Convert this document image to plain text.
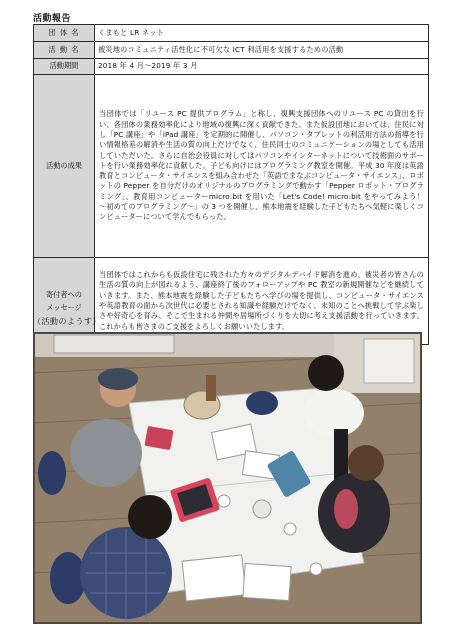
活動報告
団 体 名	くまもと LR ネット
活 動 名	被災地のコミュニティ活性化に不可欠な ICT 利活用を支援するための活動
活動期間	2018 年 4 月～2019 年 3 月
活動の成果	当団体では「リユース PC 提供プログラム」と称し、復興支援団体へのリユース PC の貸出を行い、各団体の業務効率化により地域の復興に深く貢献できた。また仮設団地においては、住民に対し「PC 講座」や「iPad 講座」を定期的に開催し、パソコン・タブレットの利活用方法の指導を行い情報格差の解消や生活の質の向上だけでなく、住民同士のコミュニケーションの場としても活用していただいた。さらに自治会役員に対してはパソコンやインターネットについて技術面のサポートを行い業務効率化に貢献した。子ども向けにはプログラミング教室を開催。平成 30 年度は英語教育とコンピュータ・サイエンスを組み合わせた「英語でまなぶコンピュータ・サイエンス」、ロボットの Pepper を自分だけのオリジナルのプログラミングで動かす「Pepper ロボット・プログラミング」、教育用コンピューターmicro:bit を用いた「Let's Code! micro:bit をやってみよう！ ～初めてのプログラミング～」の 3 つを開催し、熊本地震を経験した子どもたちへ気軽に楽しくコンピューターについて学んでもらった。
寄付者への
メッセージ	当団体ではこれからも仮設住宅に残された方々のデジタルデバイド解消を進め、被災者の皆さんの生活の質の向上が図れるよう、講座終了後のフォローアップや PC 教室の新規開催などを継続していきます。また、熊本地震を経験した子どもたちへ学びの場を提供し、コンピュータ・サイエンスや英語教育の面から次世代に必要とされる知識や経験だけでなく、未知のことへ挑戦して学ぶ楽しさや好奇心を育み、そこで生まれる仲間や居場所づくりを大切に考え支援活動を行っていきます。 これからも皆さまのご支援をよろしくお願いいたします。
（活動のようす）
